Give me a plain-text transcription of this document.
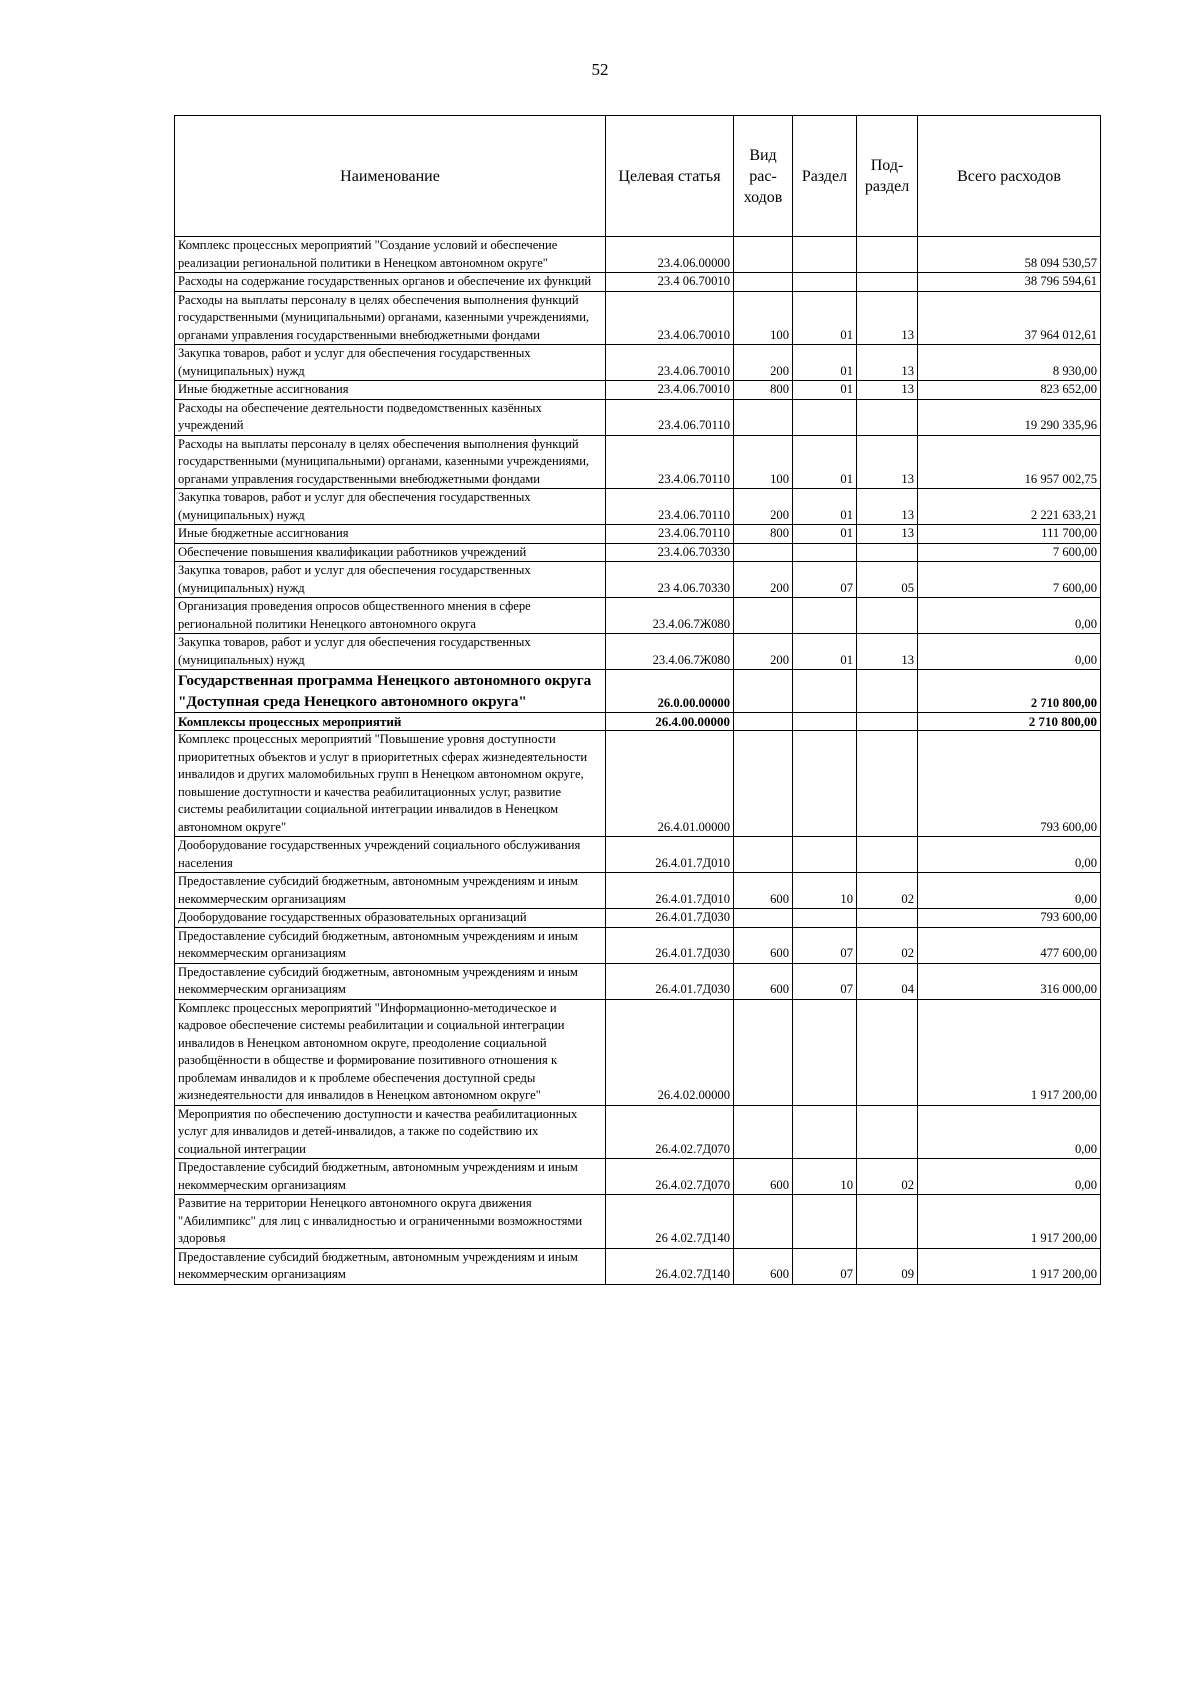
52
Наименование	Целевая статья	Вид рас- ходов	Раздел	Под- раздел	Всего расходов
Комплекс процессных мероприятий "Создание условий и обеспечение реализации региональной политики в Ненецком автономном округе"	23.4.06.00000				58 094 530,57
Расходы на содержание государственных органов и обеспечение их функций	23.4 06.70010				38 796 594,61
Расходы на выплаты персоналу в целях обеспечения выполнения функций государственными (муниципальными) органами, казенными учреждениями, органами управления государственными внебюджетными фондами	23.4.06.70010	100	01	13	37 964 012,61
Закупка товаров, работ и услуг для обеспечения государственных (муниципальных) нужд	23.4.06.70010	200	01	13	8 930,00
Иные бюджетные ассигнования	23.4.06.70010	800	01	13	823 652,00
Расходы на обеспечение деятельности подведомственных казённых учреждений	23.4.06.70110				19 290 335,96
Расходы на выплаты персоналу в целях обеспечения выполнения функций государственными (муниципальными) органами, казенными учреждениями, органами управления государственными внебюджетными фондами	23.4.06.70110	100	01	13	16 957 002,75
Закупка товаров, работ и услуг для обеспечения государственных (муниципальных) нужд	23.4.06.70110	200	01	13	2 221 633,21
Иные бюджетные ассигнования	23.4.06.70110	800	01	13	111 700,00
Обеспечение повышения квалификации работников учреждений	23.4.06.70330				7 600,00
Закупка товаров, работ и услуг для обеспечения государственных (муниципальных) нужд	23 4.06.70330	200	07	05	7 600,00
Организация проведения опросов общественного мнения в сфере региональной политики Ненецкого автономного округа	23.4.06.7Ж080				0,00
Закупка товаров, работ и услуг для обеспечения государственных (муниципальных) нужд	23.4.06.7Ж080	200	01	13	0,00
Государственная программа Ненецкого автономного округа "Доступная среда Ненецкого автономного округа"	26.0.00.00000				2 710 800,00
Комплексы процессных мероприятий	26.4.00.00000				2 710 800,00
Комплекс процессных мероприятий "Повышение уровня доступности приоритетных объектов и услуг в приоритетных сферах жизнедеятельности инвалидов и других маломобильных групп в Ненецком автономном округе, повышение доступности и качества реабилитационных услуг, развитие системы реабилитации социальной интеграции инвалидов в Ненецком автономном округе"	26.4.01.00000				793 600,00
Дооборудование государственных учреждений социального обслуживания населения	26.4.01.7Д010				0,00
Предоставление субсидий бюджетным, автономным учреждениям и иным некоммерческим организациям	26.4.01.7Д010	600	10	02	0,00
Дооборудование государственных образовательных организаций	26.4.01.7Д030				793 600,00
Предоставление субсидий бюджетным, автономным учреждениям и иным некоммерческим организациям	26.4.01.7Д030	600	07	02	477 600,00
Предоставление субсидий бюджетным, автономным учреждениям и иным некоммерческим организациям	26.4.01.7Д030	600	07	04	316 000,00
Комплекс процессных мероприятий "Информационно-методическое и кадровое обеспечение системы реабилитации и социальной интеграции инвалидов в Ненецком автономном округе, преодоление социальной разобщённости в обществе и формирование позитивного отношения к проблемам инвалидов и к проблеме обеспечения доступной среды жизнедеятельности для инвалидов в Ненецком автономном округе"	26.4.02.00000				1 917 200,00
Мероприятия по обеспечению доступности и качества реабилитационных услуг для инвалидов и детей-инвалидов, а также по содействию их социальной интеграции	26.4.02.7Д070				0,00
Предоставление субсидий бюджетным, автономным учреждениям и иным некоммерческим организациям	26.4.02.7Д070	600	10	02	0,00
Развитие на территории Ненецкого автономного округа движения "Абилимпикс" для лиц с инвалидностью и ограниченными возможностями здоровья	26 4.02.7Д140				1 917 200,00
Предоставление субсидий бюджетным, автономным учреждениям и иным некоммерческим организациям	26.4.02.7Д140	600	07	09	1 917 200,00
